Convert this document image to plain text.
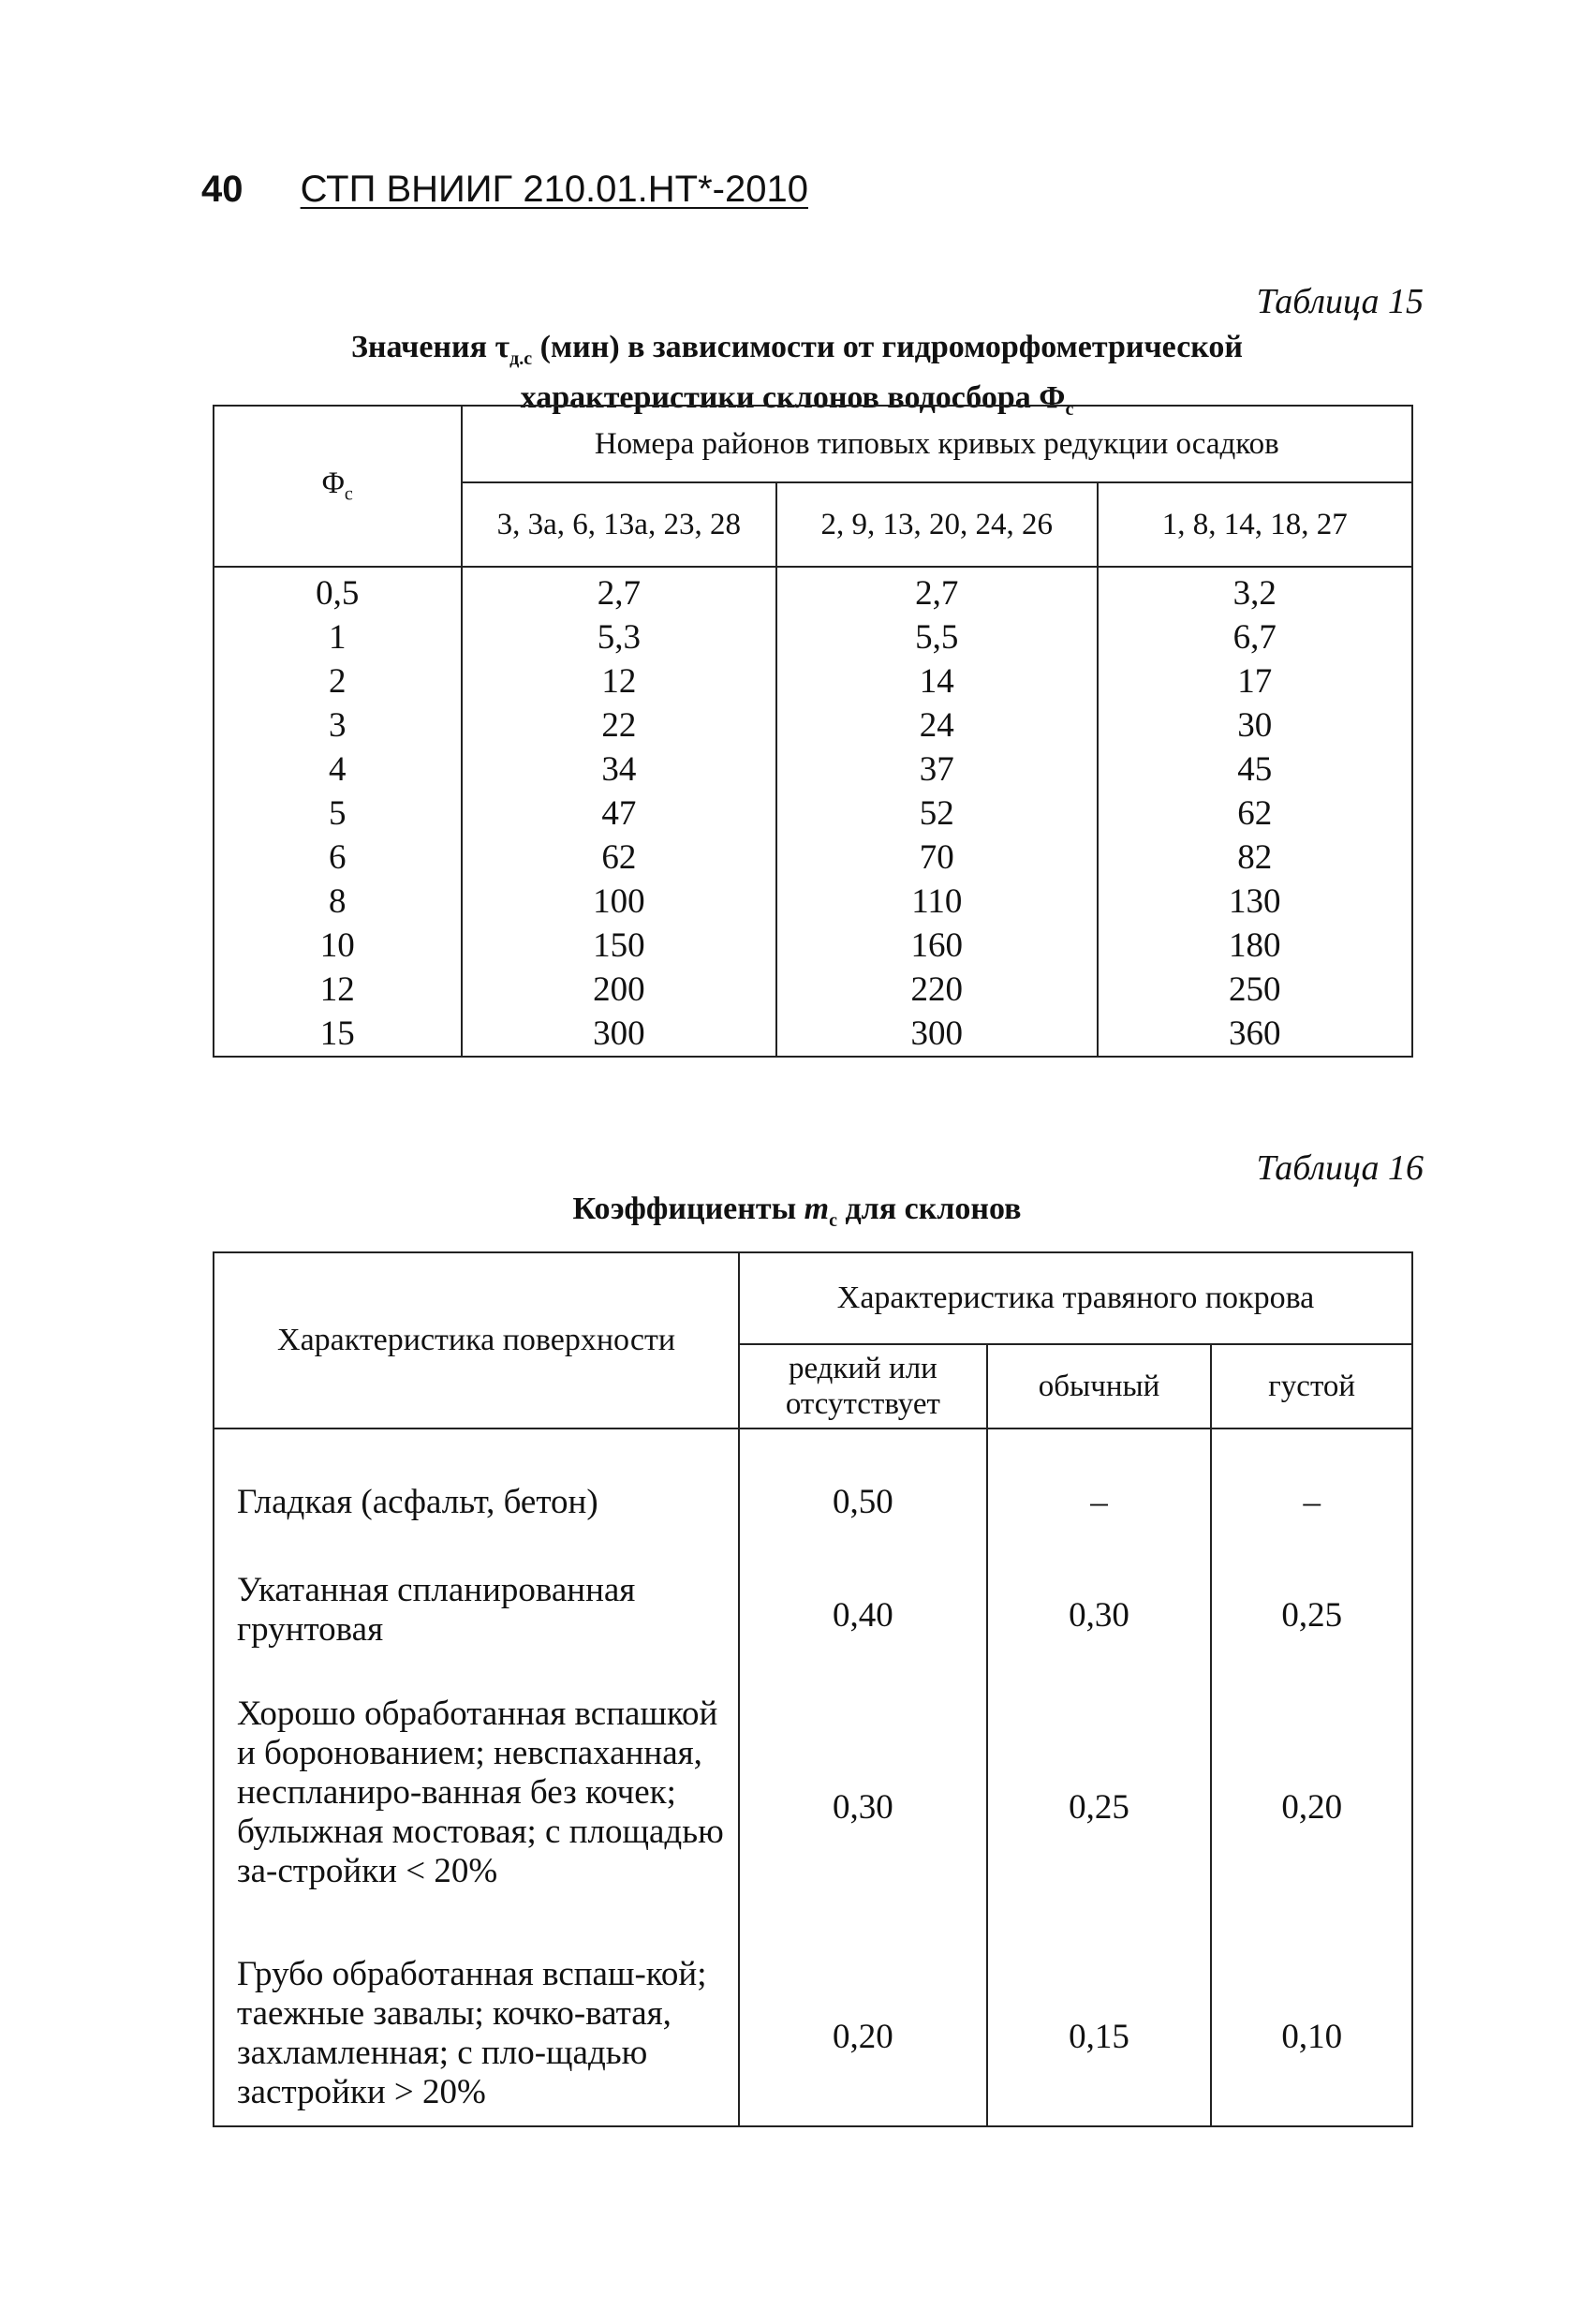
40 СТП ВНИИГ 210.01.НТ*-2010
Таблица 15
Значения $\tau_{д.с}$ (мин) в зависимости от гидроморфометрической
характеристики склонов водосбора $\Phi_с$
$\Phi_с$	Номера районов типовых кривых редукции осадков		
	3, 3а, 6, 13а, 23, 28	2, 9, 13, 20, 24, 26	1, 8, 14, 18, 27
0,5	2,7	2,7	3,2
1	5,3	5,5	6,7
2	12	14	17
3	22	24	30
4	34	37	45
5	47	52	62
6	62	70	82
8	100	110	130
10	150	160	180
12	200	220	250
15	300	300	360
Таблица 16
Коэффициенты $m_с$ для склонов
Характеристика поверхности	Характеристика травяного покрова		
	редкий или отсутствует	обычный	густой
Гладкая (асфальт, бетон)	0,50	–	–
Укатанная спланированная грунтовая	0,40	0,30	0,25
Хорошо обработанная вспашкой и боронованием; невспаханная, неспланиро-ванная без кочек; булыжная мостовая; с площадью за-стройки < 20%	0,30	0,25	0,20
Грубо обработанная вспаш-кой; таежные завалы; кочко-ватая, захламленная; с пло-щадью застройки > 20%	0,20	0,15	0,10
